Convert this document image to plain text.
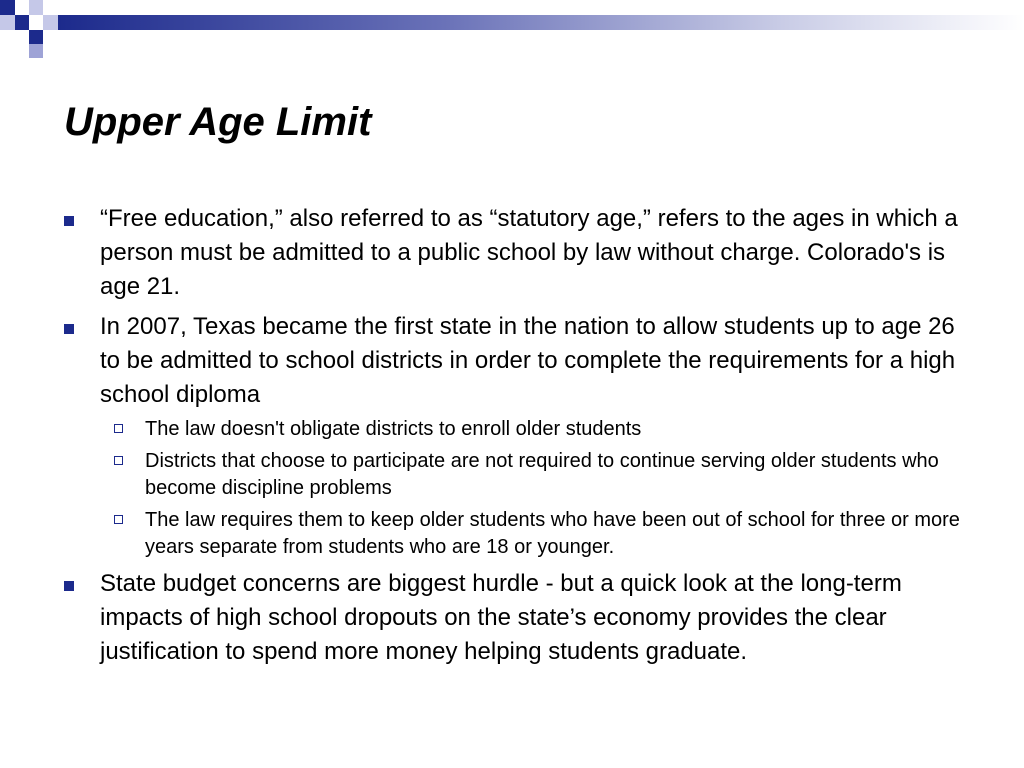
Upper Age Limit
“Free education,” also referred to as “statutory age,” refers to the ages in which a person must be admitted to a public school by law without charge. Colorado's is age 21.
In 2007, Texas became the first state in the nation to allow students up to age 26 to be admitted to school districts in order to complete the requirements for a high school diploma
The law doesn't obligate districts to enroll older students
Districts that choose to participate are not required to continue serving older students who become discipline problems
The law requires them to keep older students who have been out of school for three or more years separate from students who are 18 or younger.
State budget concerns are biggest hurdle - but a quick look at the long-term impacts of high school dropouts on the state’s economy provides the clear justification to spend more money helping students graduate.
